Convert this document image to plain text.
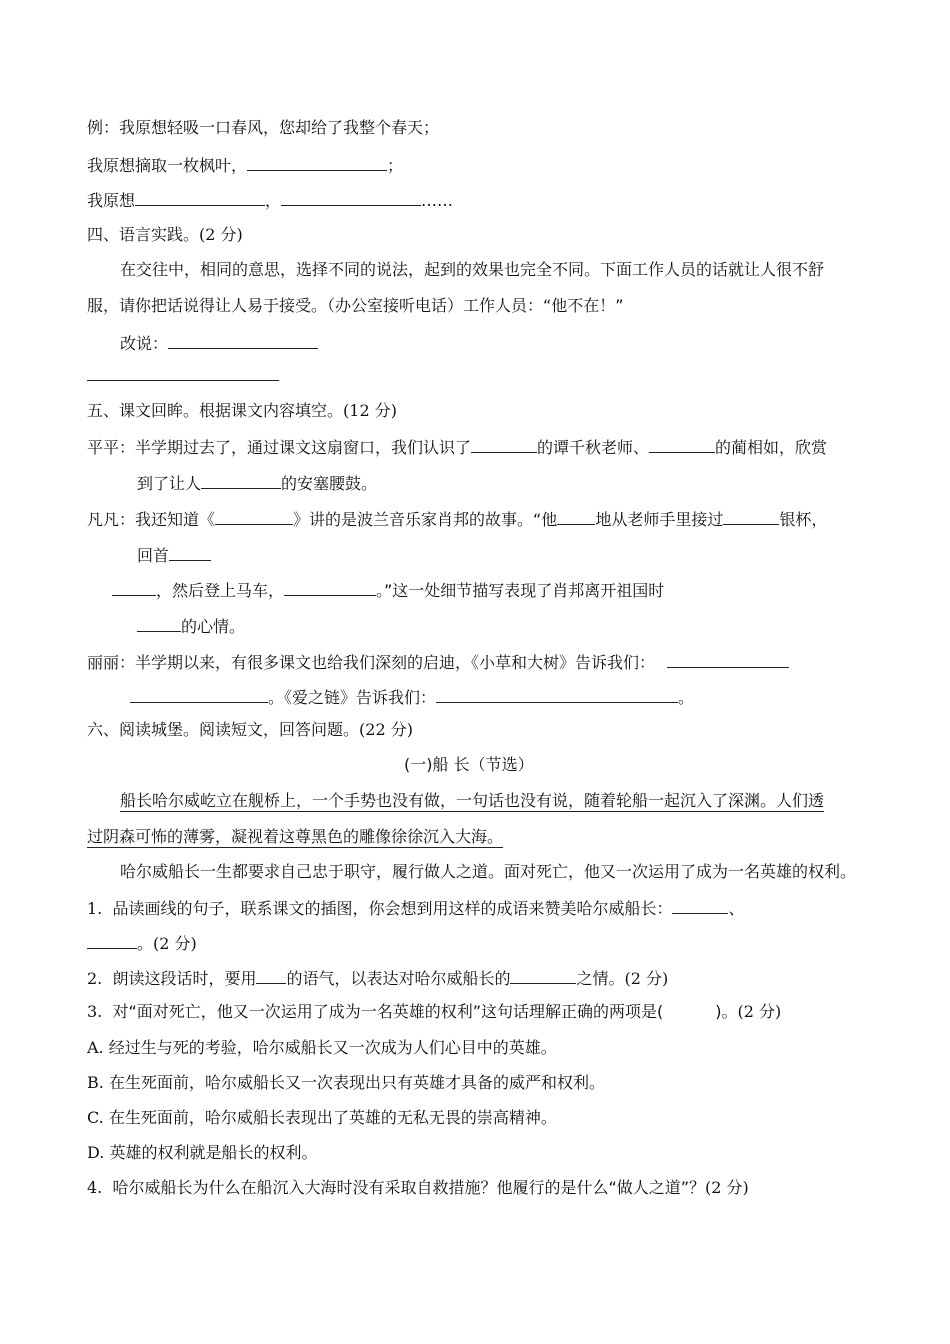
例：我原想轻吸一口春风，您却给了我整个春天；
我原想摘取一枚枫叶，	；
我原想	，	……
四、语言实践。(2 分)
在交往中，相同的意思，选择不同的说法，起到的效果也完全不同。下面工作人员的话就让人很不舒
服，请你把话说得让人易于接受。（办公室接听电话）工作人员：“他不在！”
改说：
五、课文回眸。根据课文内容填空。(12 分)
平平：半学期过去了，通过课文这扇窗口，我们认识了	的谭千秋老师、	的蔺相如，欣赏
到了让人	的安塞腰鼓。
凡凡：我还知道《	》讲的是波兰音乐家肖邦的故事。“他 地从老师手里接过	银杯，
回首
，然后登上马车，	。”这一处细节描写表现了肖邦离开祖国时
的心情。
丽丽：半学期以来，有很多课文也给我们深刻的启迪，《小草和大树》告诉我们：
。《爱之链》告诉我们：	。
六、阅读城堡。阅读短文，回答问题。(22 分)
(一)船 长（节选）
船长哈尔威屹立在舰桥上，一个手势也没有做，一句话也没有说，随着轮船一起沉入了深渊。人们透
过阴森可怖的薄雾，凝视着这尊黑色的雕像徐徐沉入大海。
哈尔威船长一生都要求自己忠于职守，履行做人之道。面对死亡，他又一次运用了成为一名英雄的权利。
1. 品读画线的句子，联系课文的插图，你会想到用这样的成语来赞美哈尔威船长：	、
。(2 分)
2. 朗读这段话时，要用 的语气，以表达对哈尔威船长的	之情。(2 分)
3. 对“面对死亡，他又一次运用了成为一名英雄的权利”这句话理解正确的两项是(	)。(2 分)
A. 经过生与死的考验，哈尔威船长又一次成为人们心目中的英雄。
B. 在生死面前，哈尔威船长又一次表现出只有英雄才具备的威严和权利。
C. 在生死面前，哈尔威船长表现出了英雄的无私无畏的崇高精神。
D. 英雄的权利就是船长的权利。
4. 哈尔威船长为什么在船沉入大海时没有采取自救措施？他履行的是什么“做人之道”？(2 分)
